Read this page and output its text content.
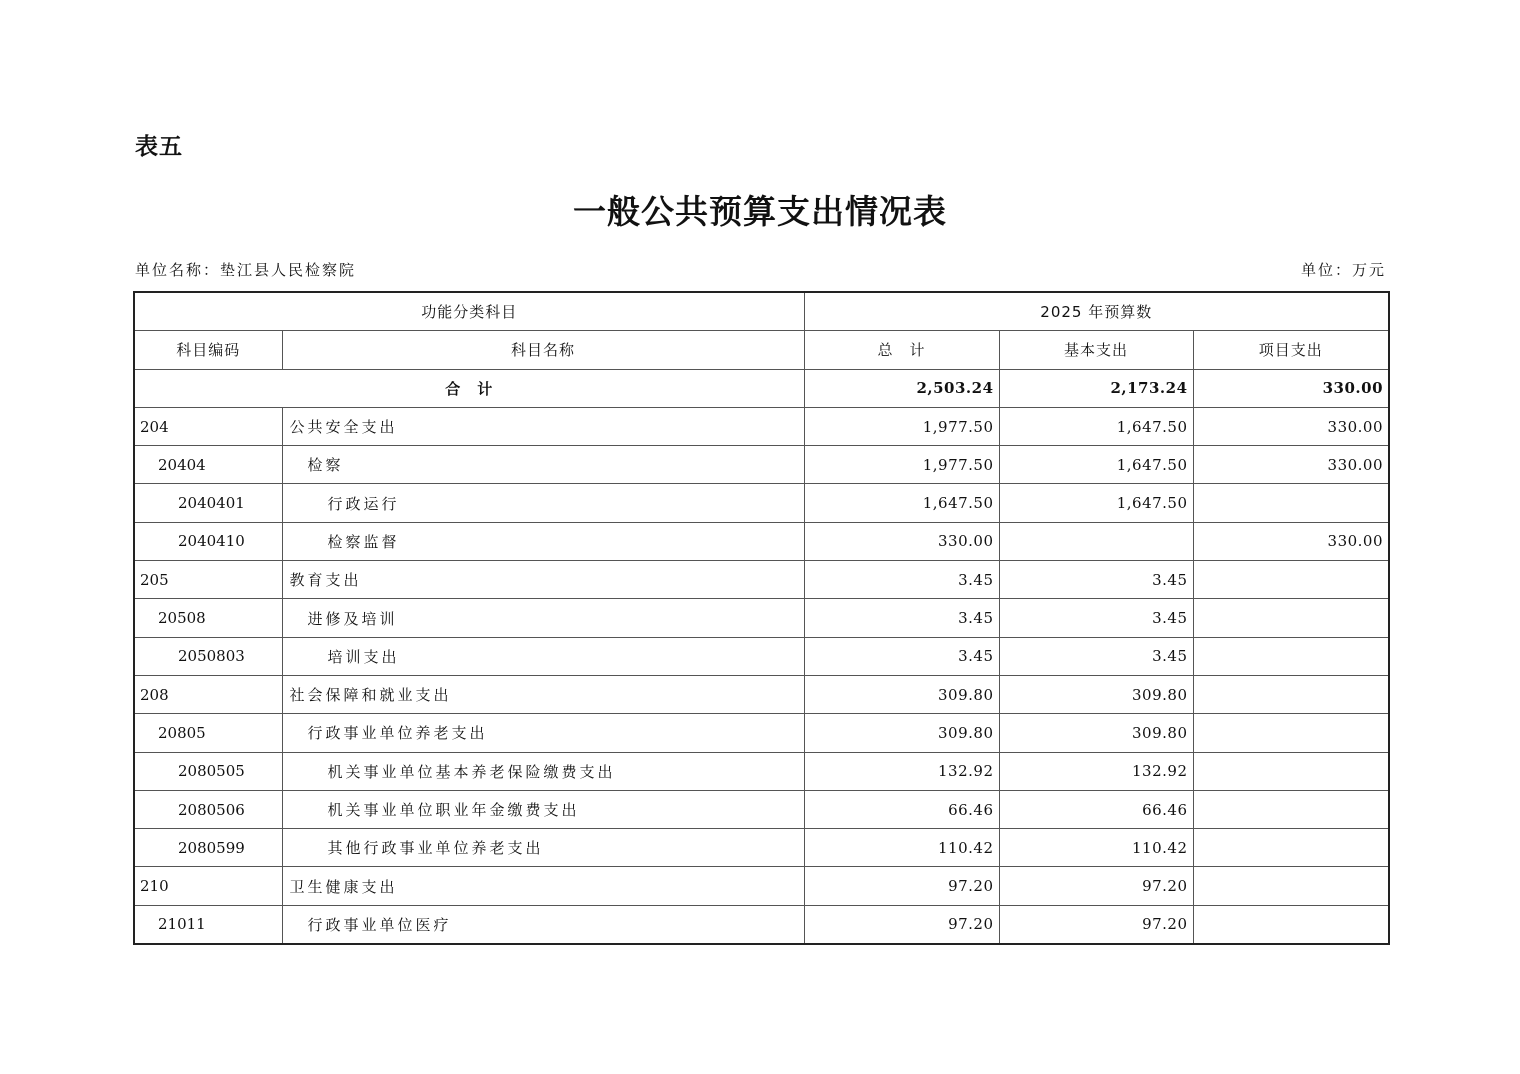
表五
一般公共预算支出情况表
单位名称：垫江县人民检察院	单位：万元
功能分类科目		2025 年预算数		
科目编码	科目名称	总　计	基本支出	项目支出
合　计		2,503.24	2,173.24	330.00
204	公共安全支出	1,977.50	1,647.50	330.00
20404	检察	1,977.50	1,647.50	330.00
2040401	行政运行	1,647.50	1,647.50	
2040410	检察监督	330.00		330.00
205	教育支出	3.45	3.45	
20508	进修及培训	3.45	3.45	
2050803	培训支出	3.45	3.45	
208	社会保障和就业支出	309.80	309.80	
20805	行政事业单位养老支出	309.80	309.80	
2080505	机关事业单位基本养老保险缴费支出	132.92	132.92	
2080506	机关事业单位职业年金缴费支出	66.46	66.46	
2080599	其他行政事业单位养老支出	110.42	110.42	
210	卫生健康支出	97.20	97.20	
21011	行政事业单位医疗	97.20	97.20	
